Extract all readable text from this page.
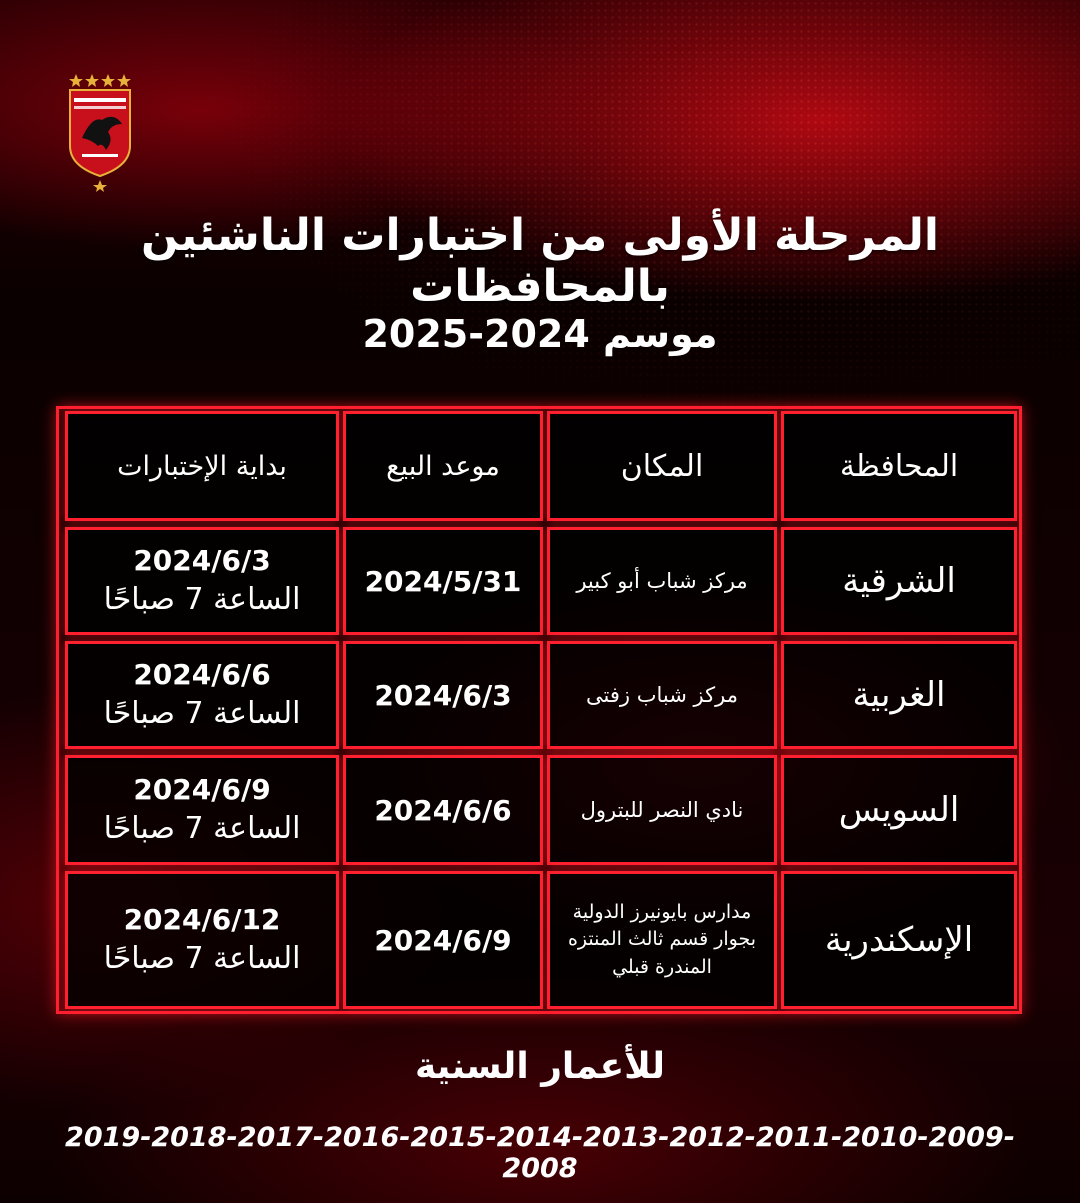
المرحلة الأولى من اختبارات الناشئين بالمحافظات
موسم 2024-2025
المحافظة
المكان
موعد البيع
بداية الإختبارات
الشرقية
مركز شباب أبو كبير
2024/5/31
2024/6/3
الساعة 7 صباحًا
الغربية
مركز شباب زفتى
2024/6/3
2024/6/6
الساعة 7 صباحًا
السويس
نادي النصر للبترول
2024/6/6
2024/6/9
الساعة 7 صباحًا
الإسكندرية
مدارس بايونيرز الدولية
بجوار قسم ثالث المنتزه
المندرة قبلي
2024/6/9
2024/6/12
الساعة 7 صباحًا
للأعمار السنية
2019-2018-2017-2016-2015-2014-2013-2012-2011-2010-2009-2008
